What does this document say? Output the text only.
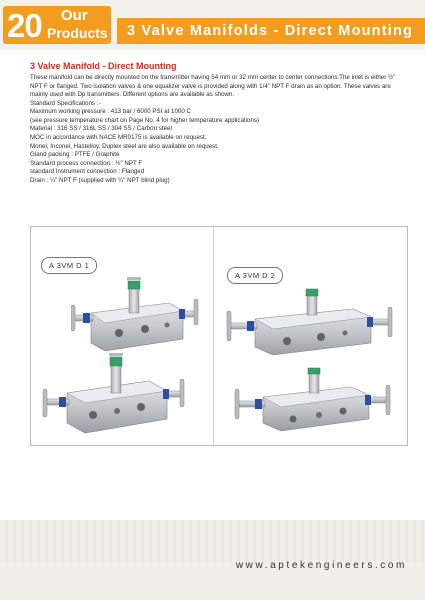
20 Our
Products 3 Valve Manifolds - Direct Mounting
3 Valve Manifold - Direct Mounting

These manifold can be directly mounted on the transmitter having 54 mm or 32 mm center to center connections.The inlet is either ½" NPT F or flanged. Two isolation valves & one equalizer valve is provided along with 1/4" NPT F drain as an option. These valves are mainly used with Dp transmitters. Different options are available as shown.

Standard Specifications :-

Maximum working pressure : 413 bar / 6000 PSI at 1000 C

(see pressure temperature chart on Page No. 4 for higher temperature applications)

Material : 316 SS / 316L SS / 304 SS / Carbon steel

MOC in accordance with NACE MR0175 is available on request.

Monel, Inconel, Hastelloy, Duplex steel are also available on request.

Gland packing : PTFE / Graphite

Standard process connection : ½" NPT F

standard Instrument connection : Flanged

Drain : ¼" NPT F (supplied with ¼" NPT blind plug)

A 3VM D 1
A 3VM D 2
www.aptekengineers.com
